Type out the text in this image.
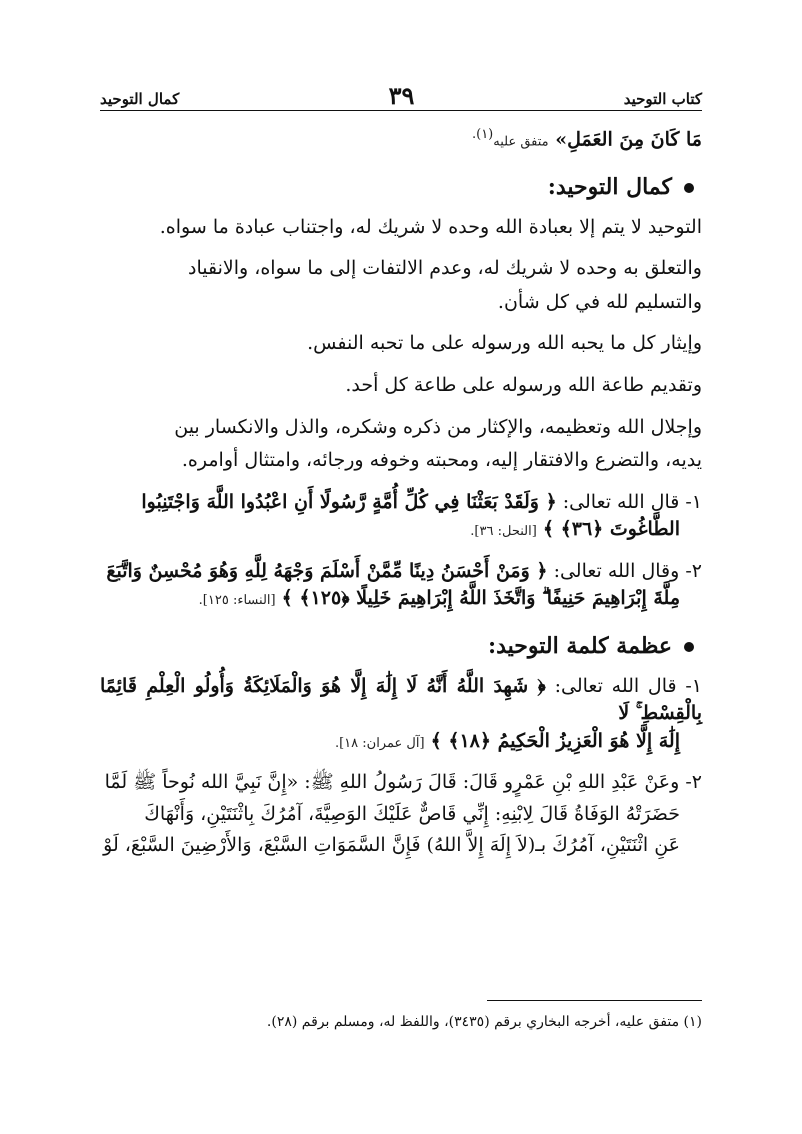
كتاب التوحيد
٣٩
كمال التوحيد

مَا كَانَ مِنَ العَمَلِ» متفق عليه$^{(١).}$

كمال التوحيد:

التوحيد لا يتم إلا بعبادة الله وحده لا شريك له، واجتناب عبادة ما سواه.

والتعلق به وحده لا شريك له، وعدم الالتفات إلى ما سواه، والانقياد

والتسليم لله في كل شأن.

وإيثار كل ما يحبه الله ورسوله على ما تحبه النفس.

وتقديم طاعة الله ورسوله على طاعة كل أحد.

وإجلال الله وتعظيمه، والإكثار من ذكره وشكره، والذل والانكسار بين

يديه، والتضرع والافتقار إليه، ومحبته وخوفه ورجائه، وامتثال أوامره.

١- قال الله تعالى: ﴿ وَلَقَدْ بَعَثْنَا فِي كُلِّ أُمَّةٍ رَّسُولًا أَنِ اعْبُدُوا اللَّهَ وَاجْتَنِبُوا

الطَّاغُوتَ ﴿٣٦﴾ ﴾ [النحل: ٣٦].

٢- وقال الله تعالى: ﴿ وَمَنْ أَحْسَنُ دِينًا مِّمَّنْ أَسْلَمَ وَجْهَهُ لِلَّهِ وَهُوَ مُحْسِنٌ وَاتَّبَعَ

مِلَّةَ إِبْرَاهِيمَ حَنِيفًا ۗ وَاتَّخَذَ اللَّهُ إِبْرَاهِيمَ خَلِيلًا ﴿١٢٥﴾ ﴾ [النساء: ١٢٥].

عظمة كلمة التوحيد:

١- قال الله تعالى: ﴿ شَهِدَ اللَّهُ أَنَّهُ لَا إِلَٰهَ إِلَّا هُوَ وَالْمَلَائِكَةُ وَأُولُو الْعِلْمِ قَائِمًا بِالْقِسْطِ ۚ لَا

إِلَٰهَ إِلَّا هُوَ الْعَزِيزُ الْحَكِيمُ ﴿١٨﴾ ﴾ [آل عمران: ١٨].

٢- وعَنْ عَبْدِ اللهِ بْنِ عَمْرٍو قَالَ: قَالَ رَسُولُ اللهِ ﷺ: «إِنَّ نَبِيَّ الله نُوحاً ﷺ لَمَّا

حَضَرَتْهُ الوَفَاةُ قَالَ لِابْنِهِ: إِنِّي قَاصٌّ عَلَيْكَ الوَصِيَّةَ، آمُرُكَ بِاثْنَتَيْنِ، وَأَنْهَاكَ

عَنِ اثْنَتَيْنِ، آمُرُكَ بـ(لاَ إِلَهَ إِلاَّ اللهُ) فَإِنَّ السَّمَوَاتِ السَّبْعَ، وَالأَرْضِينَ السَّبْعَ، لَوْ

(١) متفق عليه، أخرجه البخاري برقم (٣٤٣٥)، واللفظ له، ومسلم برقم (٢٨).
